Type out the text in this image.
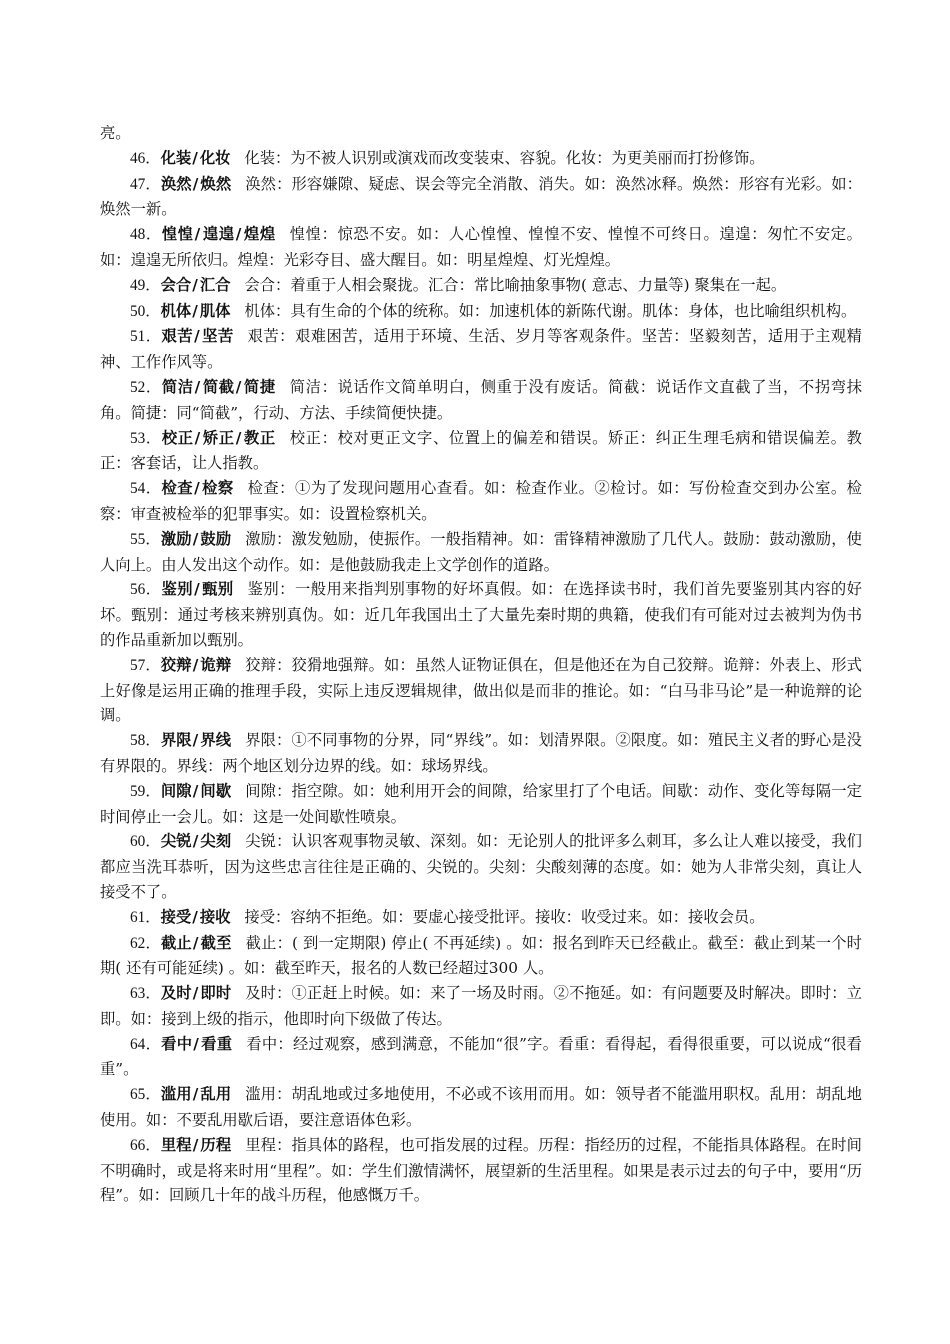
亮。

46．化装/ 化妆 化装：为不被人识别或演戏而改变装束、容貌。化妆：为更美丽而打扮修饰。

47．涣然/ 焕然 涣然：形容嫌隙、疑虑、误会等完全消散、消失。如：涣然冰释。焕然：形容有光彩。如：焕然一新。

48．惶惶/ 遑遑/ 煌煌 惶惶：惊恐不安。如：人心惶惶、惶惶不安、惶惶不可终日。遑遑：匆忙不安定。如：遑遑无所依归。煌煌：光彩夺目、盛大醒目。如：明星煌煌、灯光煌煌。

49．会合/ 汇合 会合：着重于人相会聚拢。汇合：常比喻抽象事物( 意志、力量等) 聚集在一起。

50．机体/ 肌体 机体：具有生命的个体的统称。如：加速机体的新陈代谢。肌体：身体，也比喻组织机构。

51．艰苦/ 坚苦 艰苦：艰难困苦，适用于环境、生活、岁月等客观条件。坚苦：坚毅刻苦，适用于主观精神、工作作风等。

52．简洁/ 简截/ 简捷 简洁：说话作文简单明白，侧重于没有废话。简截：说话作文直截了当，不拐弯抹角。简捷：同“简截”，行动、方法、手续简便快捷。

53．校正/ 矫正/ 教正 校正：校对更正文字、位置上的偏差和错误。矫正：纠正生理毛病和错误偏差。教正：客套话，让人指教。

54．检查/ 检察 检查：①为了发现问题用心查看。如：检查作业。②检讨。如：写份检查交到办公室。检察：审查被检举的犯罪事实。如：设置检察机关。

55．激励/ 鼓励 激励：激发勉励，使振作。一般指精神。如：雷锋精神激励了几代人。鼓励：鼓动激励，使人向上。由人发出这个动作。如：是他鼓励我走上文学创作的道路。

56．鉴别/ 甄别 鉴别：一般用来指判别事物的好坏真假。如：在选择读书时，我们首先要鉴别其内容的好坏。甄别：通过考核来辨别真伪。如：近几年我国出土了大量先秦时期的典籍，使我们有可能对过去被判为伪书的作品重新加以甄别。

57．狡辩/ 诡辩 狡辩：狡猾地强辩。如：虽然人证物证俱在，但是他还在为自己狡辩。诡辩：外表上、形式上好像是运用正确的推理手段，实际上违反逻辑规律，做出似是而非的推论。如：“白马非马论”是一种诡辩的论调。

58．界限/ 界线 界限：①不同事物的分界，同“界线”。如：划清界限。②限度。如：殖民主义者的野心是没有界限的。界线：两个地区划分边界的线。如：球场界线。

59．间隙/ 间歇 间隙：指空隙。如：她利用开会的间隙，给家里打了个电话。间歇：动作、变化等每隔一定时间停止一会儿。如：这是一处间歇性喷泉。

60．尖锐/ 尖刻 尖锐：认识客观事物灵敏、深刻。如：无论别人的批评多么刺耳，多么让人难以接受，我们都应当洗耳恭听，因为这些忠言往往是正确的、尖锐的。尖刻：尖酸刻薄的态度。如：她为人非常尖刻，真让人接受不了。

61．接受/ 接收 接受：容纳不拒绝。如：要虚心接受批评。接收：收受过来。如：接收会员。

62．截止/ 截至 截止：( 到一定期限) 停止( 不再延续) 。如：报名到昨天已经截止。截至：截止到某一个时期( 还有可能延续) 。如：截至昨天，报名的人数已经超过300 人。

63．及时/ 即时 及时：①正赶上时候。如：来了一场及时雨。②不拖延。如：有问题要及时解决。即时：立即。如：接到上级的指示，他即时向下级做了传达。

64．看中/ 看重 看中：经过观察，感到满意，不能加“很”字。看重：看得起，看得很重要，可以说成“很看重”。

65．滥用/ 乱用 滥用：胡乱地或过多地使用，不必或不该用而用。如：领导者不能滥用职权。乱用：胡乱地使用。如：不要乱用歇后语，要注意语体色彩。

66．里程/ 历程 里程：指具体的路程，也可指发展的过程。历程：指经历的过程，不能指具体路程。在时间不明确时，或是将来时用“里程”。如：学生们激情满怀，展望新的生活里程。如果是表示过去的句子中，要用“历程”。如：回顾几十年的战斗历程，他感慨万千。
